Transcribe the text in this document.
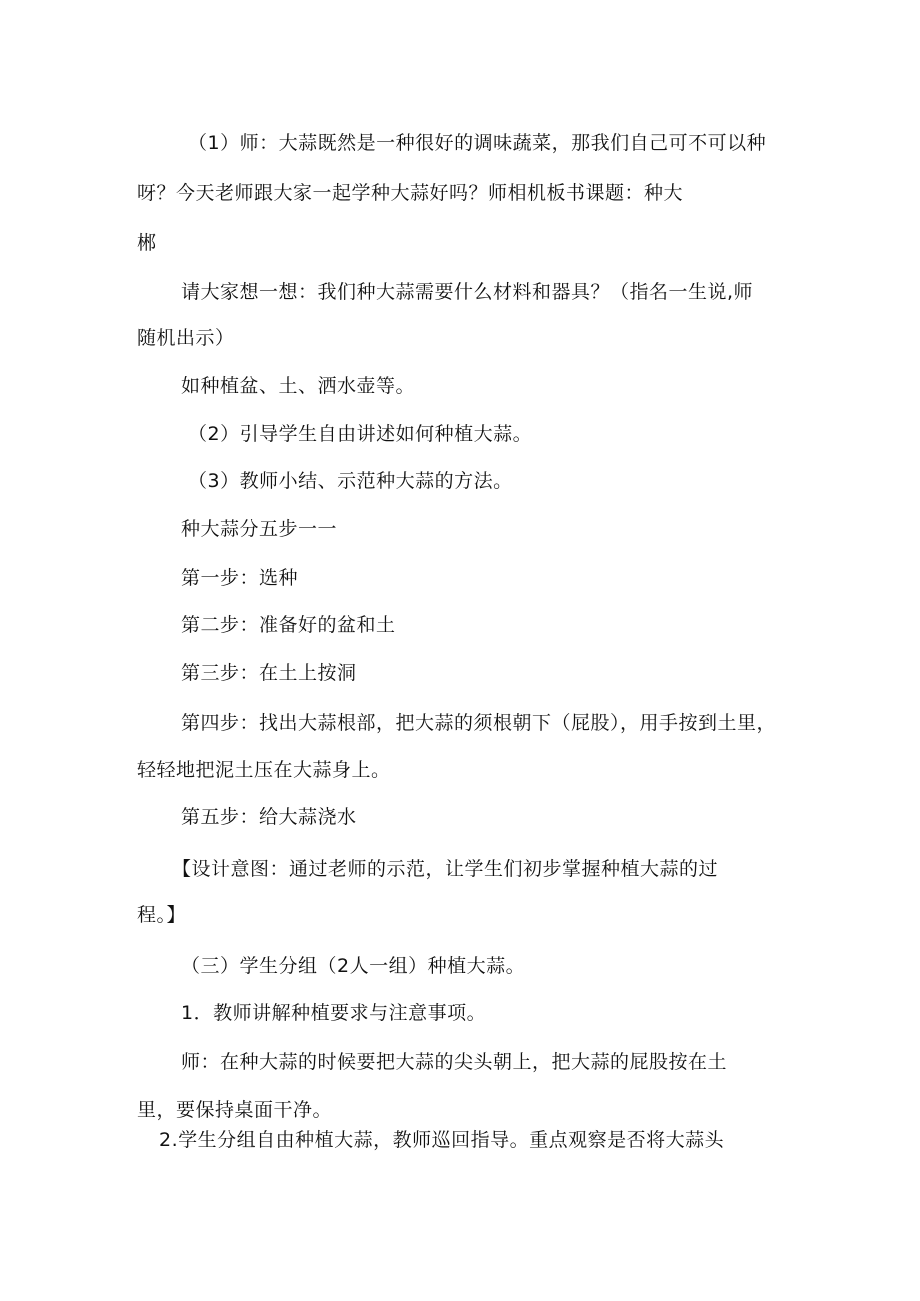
（1）师：大蒜既然是一种很好的调味蔬菜，那我们自己可不可以种
呀？今天老师跟大家一起学种大蒜好吗？师相机板书课题：种大
郴
请大家想一想：我们种大蒜需要什么材料和器具？（指名一生说,师
随机出示）
如种植盆、土、洒水壶等。
（2）引导学生自由讲述如何种植大蒜。
（3）教师小结、示范种大蒜的方法。
种大蒜分五步一一
第一步：选种
第二步：准备好的盆和土
第三步：在土上按洞
第四步：找出大蒜根部，把大蒜的须根朝下（屁股），用手按到土里，
轻轻地把泥土压在大蒜身上。
第五步：给大蒜浇水
【设计意图：通过老师的示范，让学生们初步掌握种植大蒜的过
程。】
（三）学生分组（2人一组）种植大蒜。
1．教师讲解种植要求与注意事项。
师：在种大蒜的时候要把大蒜的尖头朝上，把大蒜的屁股按在土
里，要保持桌面干净。
2.学生分组自由种植大蒜，教师巡回指导。重点观察是否将大蒜头
